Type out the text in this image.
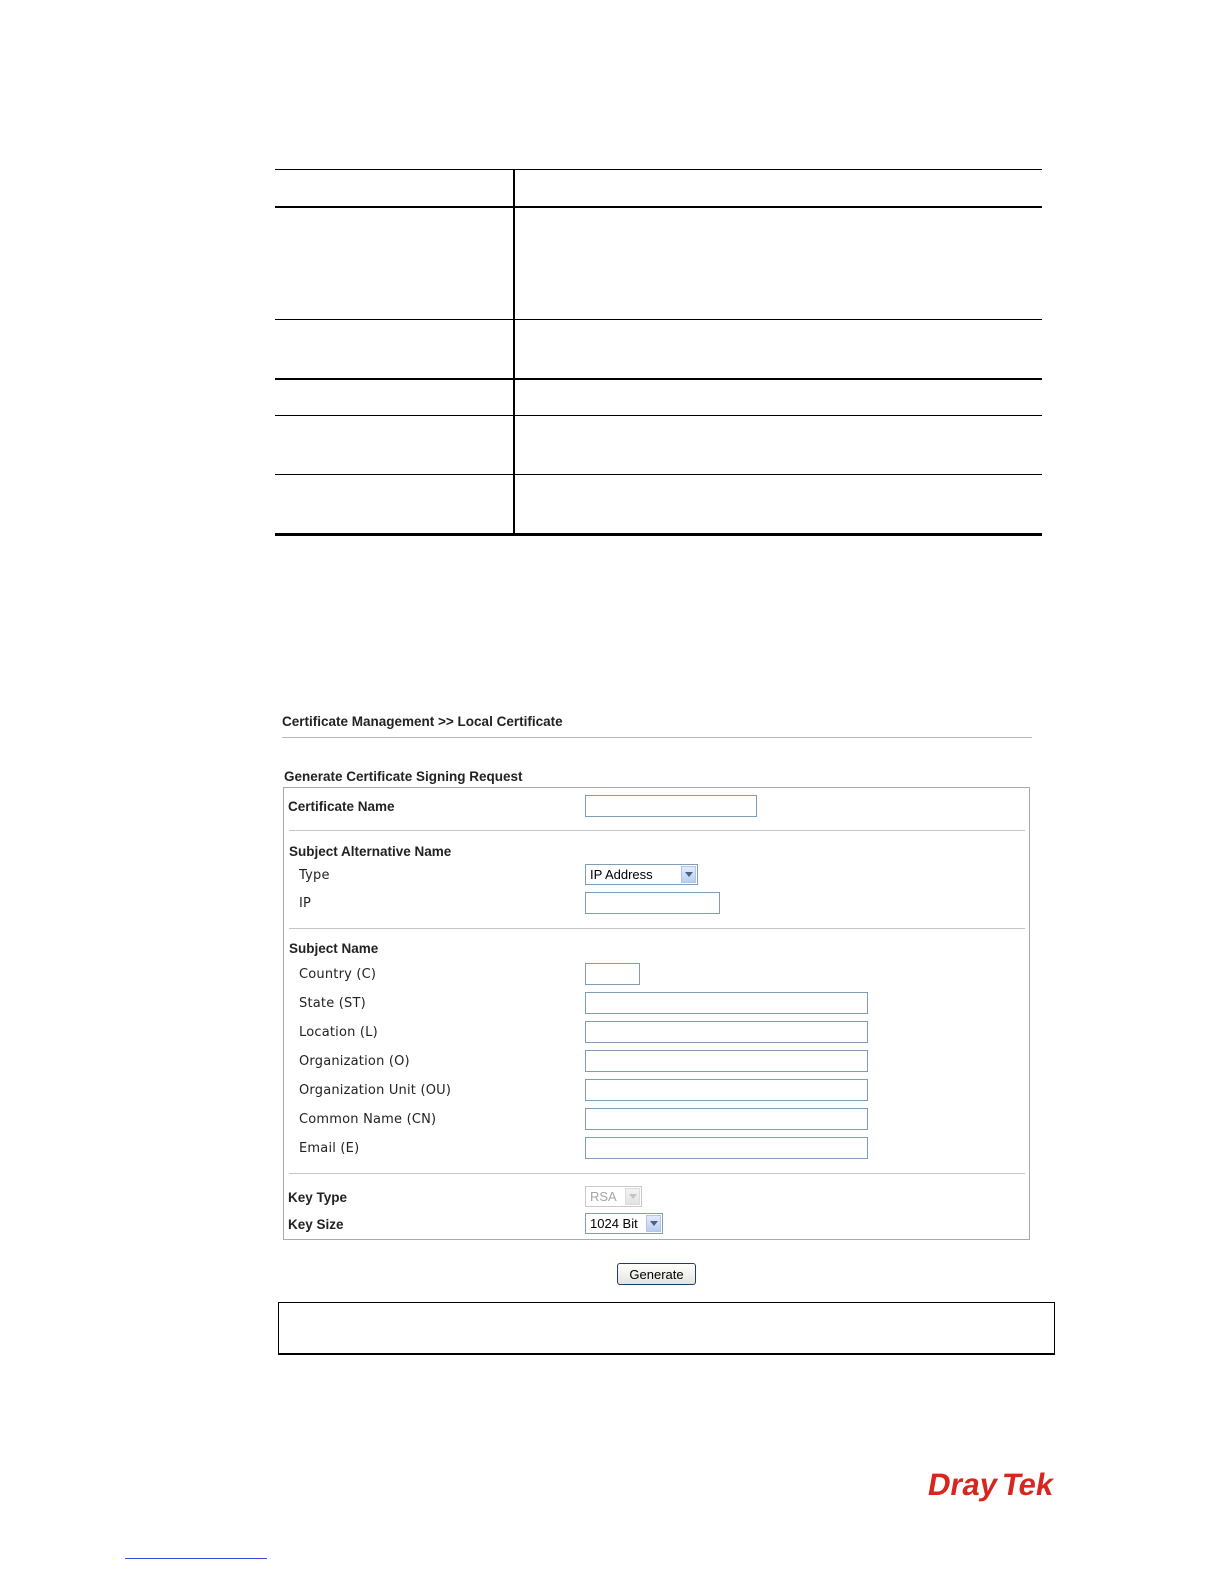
Certificate Management >> Local Certificate
Generate Certificate Signing Request
Certificate Name
Subject Alternative Name
Type	IP Address
IP
Subject Name
Country (C)
State (ST)
Location (L)
Organization (O)
Organization Unit (OU)
Common Name (CN)
Email (E)
Key Type	RSA
Key Size	1024 Bit
Generate
Dray
Tek
